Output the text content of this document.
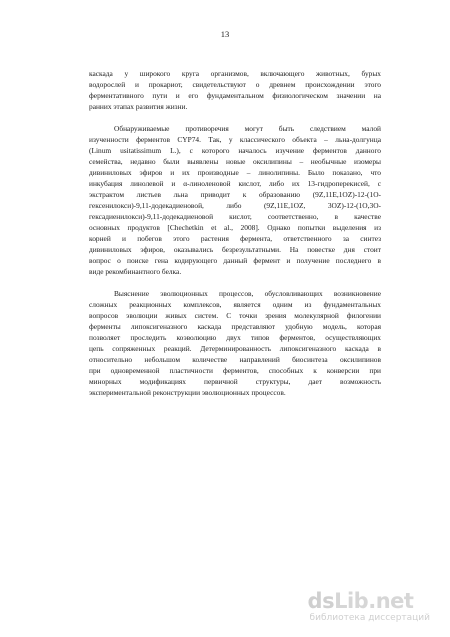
13
каскада у широкого круга организмов, включающего животных, бурых
водорослей и прокариот, свидетельствуют о древнем происхождении этого
ферментативного пути и его фундаментальном физиологическом значении на
ранних этапах развития жизни.
Обнаруживаемые противоречия могут быть следствием малой
изученности ферментов CYP74. Так, у классического объекта – льна-долгунца
(Linum usitatissimum L.), с которого началось изучение ферментов данного
семейства, недавно были выявлены новые оксилипины – необычные изомеры
дивиниловых эфиров и их производные – линолипины. Было показано, что
инкубация линолевой и α-линоленовой кислот, либо их 13-гидроперекисей, с
экстрактом листьев льна приводит к образованию (9Z,11E,1OZ)-12-(1O-
гексенилокси)-9,11-додекадиеновой, либо (9Z,11E,1OZ, 3OZ)-12-(1O,3O-
гексадиенилокси)-9,11-додекадиеновой кислот, соответственно, в качестве
основных продуктов [Chechetkin et al., 2008]. Однако попытки выделения из
корней и побегов этого растения фермента, ответственного за синтез
дивиниловых эфиров, оказывались безрезультатными. На повестке дня стоит
вопрос о поиске гена кодирующего данный фермент и получение последнего в
виде рекомбинантного белка.
Выяснение эволюционных процессов, обусловливающих возникновение
сложных реакционных комплексов, является одним из фундаментальных
вопросов эволюции живых систем. С точки зрения молекулярной филогении
ферменты липоксигеназного каскада представляют удобную модель, которая
позволяет проследить коэволюцию двух типов ферментов, осуществляющих
цепь сопряженных реакций. Детерминированность липоксигеназного каскада в
относительно небольшом количестве направлений биосинтеза оксилипинов
при одновременной пластичности ферментов, способных к конверсии при
минорных модификациях первичной структуры, дает возможность
экспериментальной реконструкции эволюционных процессов.
ds Lib .net
библиотека диссертаций
